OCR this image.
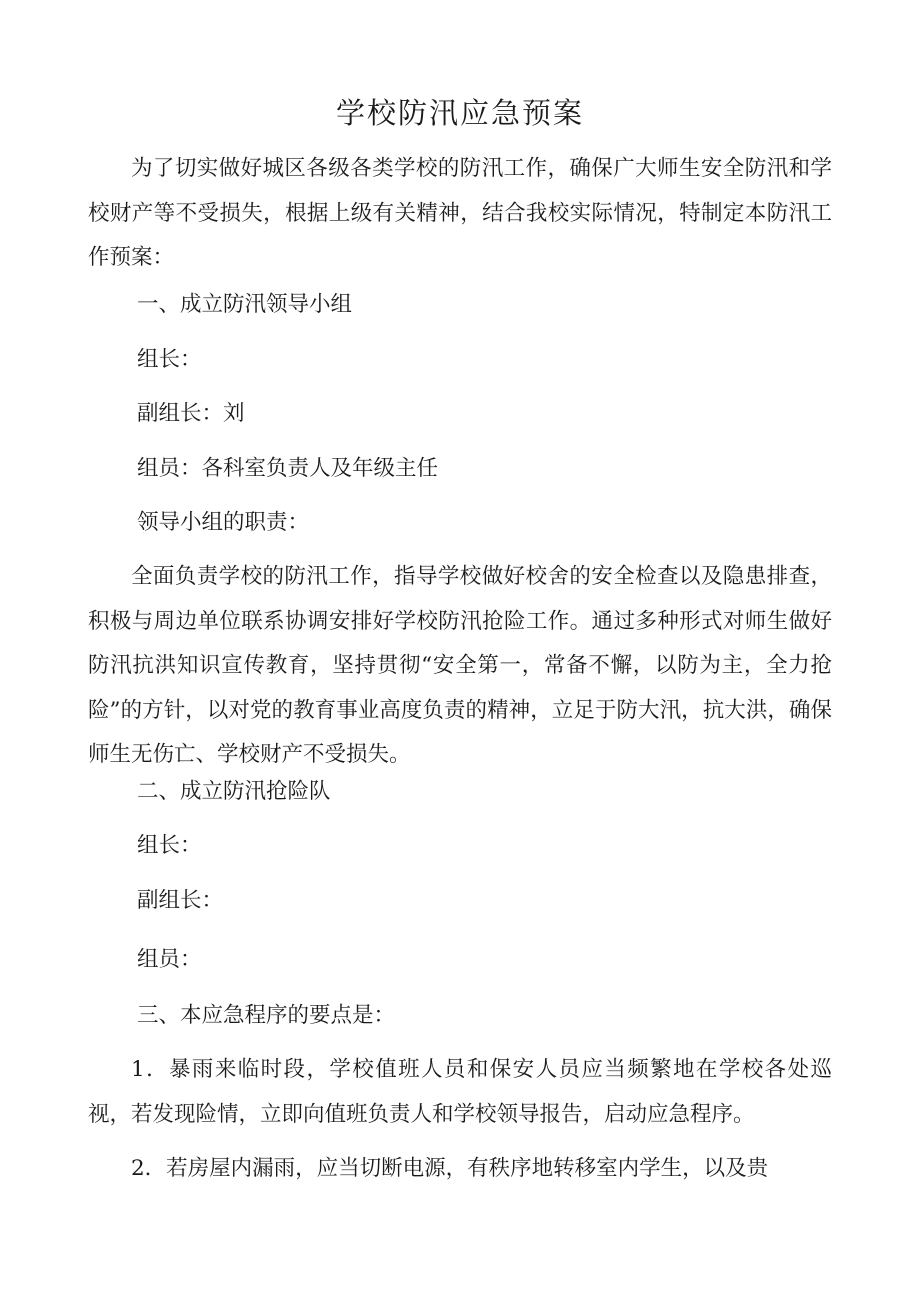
学校防汛应急预案

为了切实做好城区各级各类学校的防汛工作，确保广大师生安全防汛和学校财产等不受损失，根据上级有关精神，结合我校实际情况，特制定本防汛工作预案：

一、成立防汛领导小组

组长：

副组长：刘

组员：各科室负责人及年级主任

领导小组的职责：

全面负责学校的防汛工作，指导学校做好校舍的安全检查以及隐患排查，积极与周边单位联系协调安排好学校防汛抢险工作。通过多种形式对师生做好防汛抗洪知识宣传教育，坚持贯彻“安全第一，常备不懈，以防为主，全力抢险”的方针，以对党的教育事业高度负责的精神，立足于防大汛，抗大洪，确保师生无伤亡、学校财产不受损失。

二、成立防汛抢险队

组长：

副组长：

组员：

三、本应急程序的要点是：

1．暴雨来临时段，学校值班人员和保安人员应当频繁地在学校各处巡视，若发现险情，立即向值班负责人和学校领导报告，启动应急程序。

2．若房屋内漏雨，应当切断电源，有秩序地转移室内学生，以及贵
